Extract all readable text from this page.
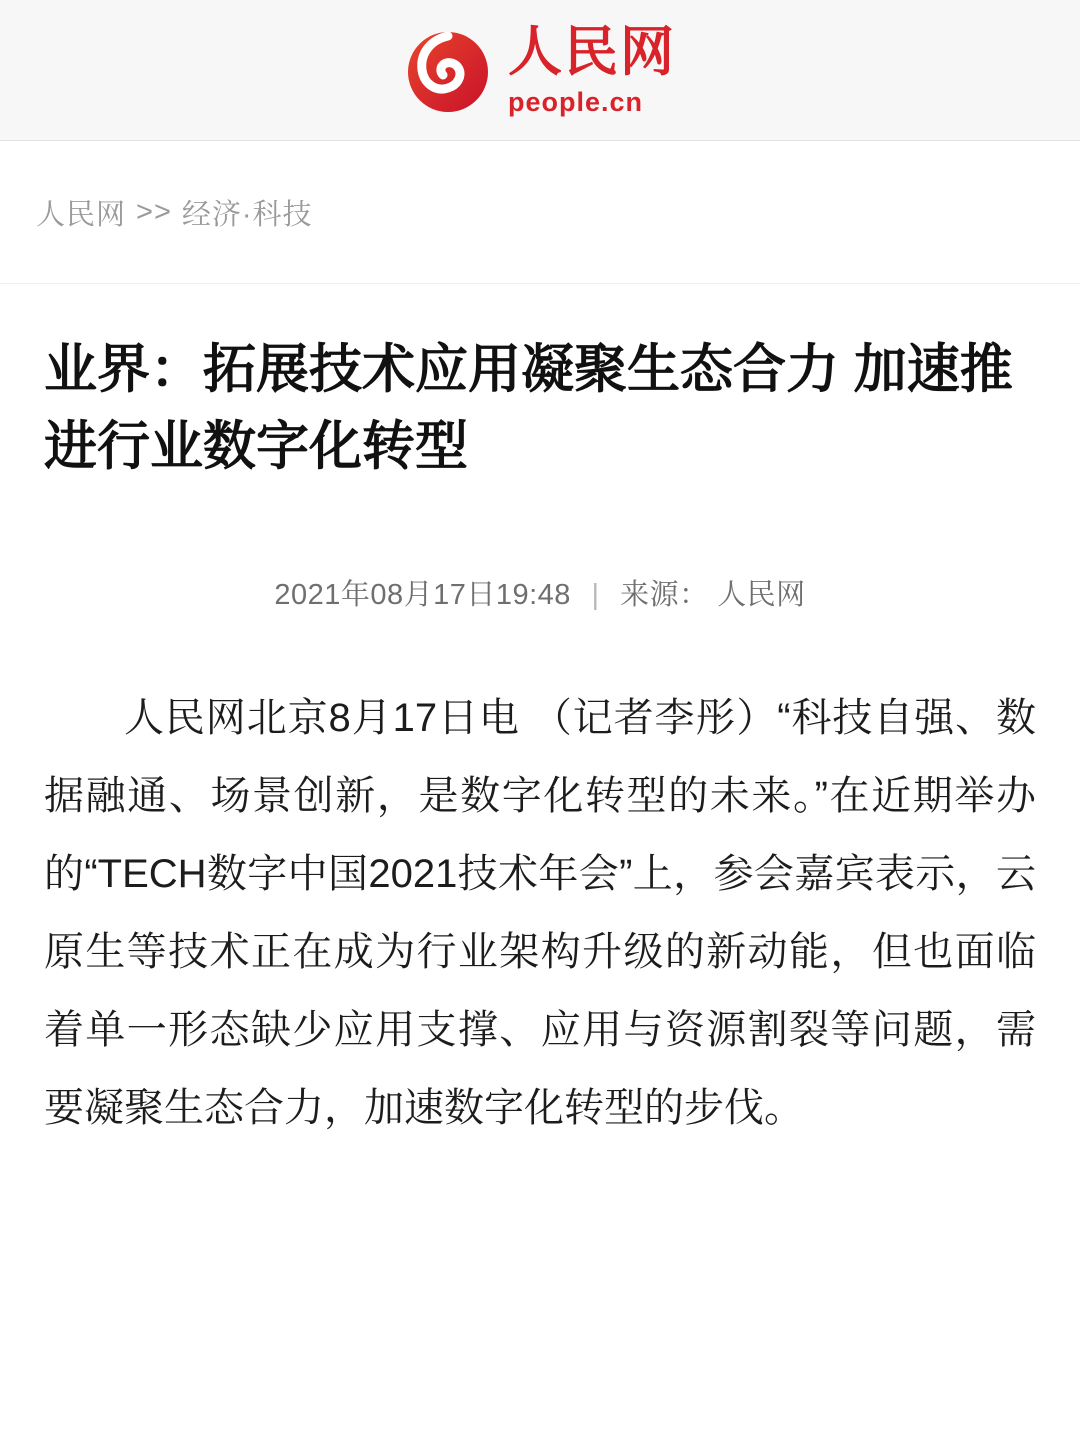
人民网
people.cn
人民网 >> 经济·科技
业界：拓展技术应用凝聚生态合力 加速推进行业数字化转型
2021年08月17日19:48 | 来源： 人民网

人民网北京8月17日电 （记者李彤）“科技自强、数据融通、场景创新，是数字化转型的未来。”在近期举办的“TECH数字中国2021技术年会”上，参会嘉宾表示，云原生等技术正在成为行业架构升级的新动能，但也面临着单一形态缺少应用支撑、应用与资源割裂等问题，需要凝聚生态合力，加速数字化转型的步伐。
